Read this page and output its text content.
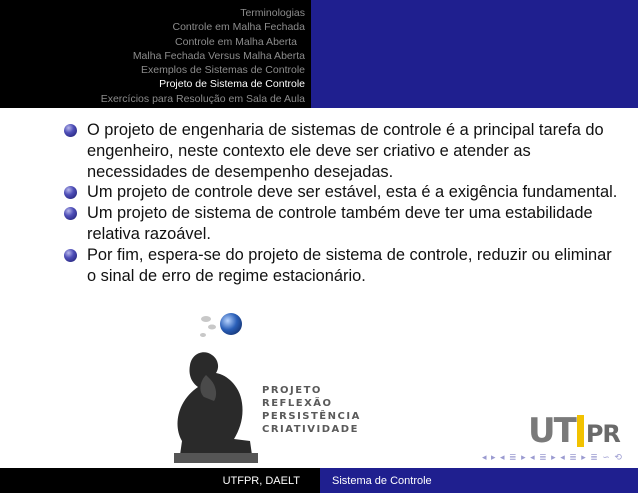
Terminologias
Controle em Malha Fechada
Controle em Malha Aberta
Malha Fechada Versus Malha Aberta
Exemplos de Sistemas de Controle
Projeto de Sistema de Controle
Exercícios para Resolução em Sala de Aula
O projeto de engenharia de sistemas de controle é a principal tarefa do engenheiro, neste contexto ele deve ser criativo e atender as necessidades de desempenho desejadas.
Um projeto de controle deve ser estável, esta é a exigência fundamental.
Um projeto de sistema de controle também deve ter uma estabilidade relativa razoável.
Por fim, espera-se do projeto de sistema de controle, reduzir ou eliminar o sinal de erro de regime estacionário.
PROJETO
REFLEXÃO
PERSISTÊNCIA
CRIATIVIDADE	UT PR
◂ ▸ ◂ ≣ ▸ ◂ ≣ ▸ ◂ ≣ ▸ ≣ ∽ ⟲
UTFPR, DAELT	Sistema de Controle
